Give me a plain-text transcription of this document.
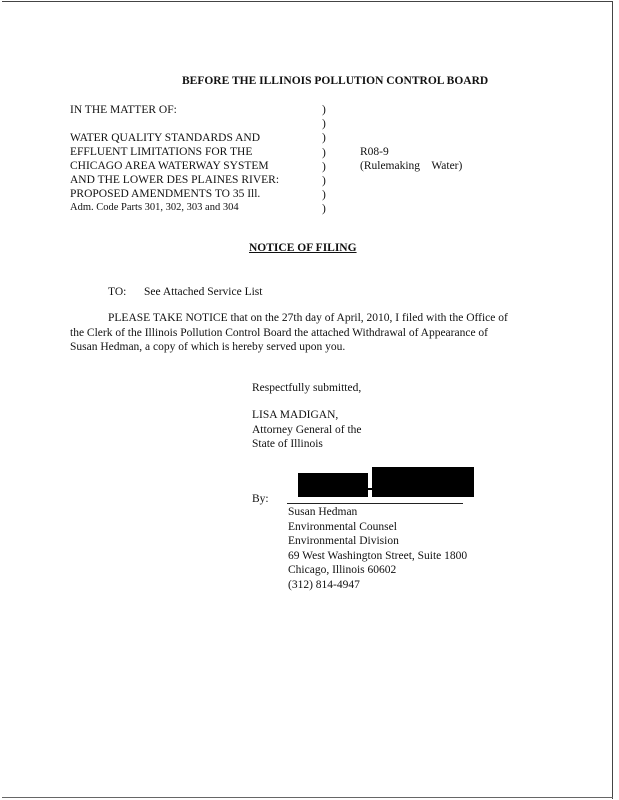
BEFORE THE ILLINOIS POLLUTION CONTROL BOARD
IN THE MATTER OF:
WATER QUALITY STANDARDS AND
EFFLUENT LIMITATIONS FOR THE
CHICAGO AREA WATERWAY SYSTEM
AND THE LOWER DES PLAINES RIVER:
PROPOSED AMENDMENTS TO 35 Ill.
Adm. Code Parts 301, 302, 303 and 304
)
)
)
)
)
)
)
)
R08-9
(Rulemaking    Water)
NOTICE OF FILING
TO: See Attached Service List
PLEASE TAKE NOTICE that on the 27th day of April, 2010, I filed with the Office of
the Clerk of the Illinois Pollution Control Board the attached Withdrawal of Appearance of
Susan Hedman, a copy of which is hereby served upon you.
Respectfully submitted,
LISA MADIGAN,
Attorney General of the
State of Illinois
By:
Susan Hedman
Environmental Counsel
Environmental Division
69 West Washington Street, Suite 1800
Chicago, Illinois 60602
(312) 814-4947
